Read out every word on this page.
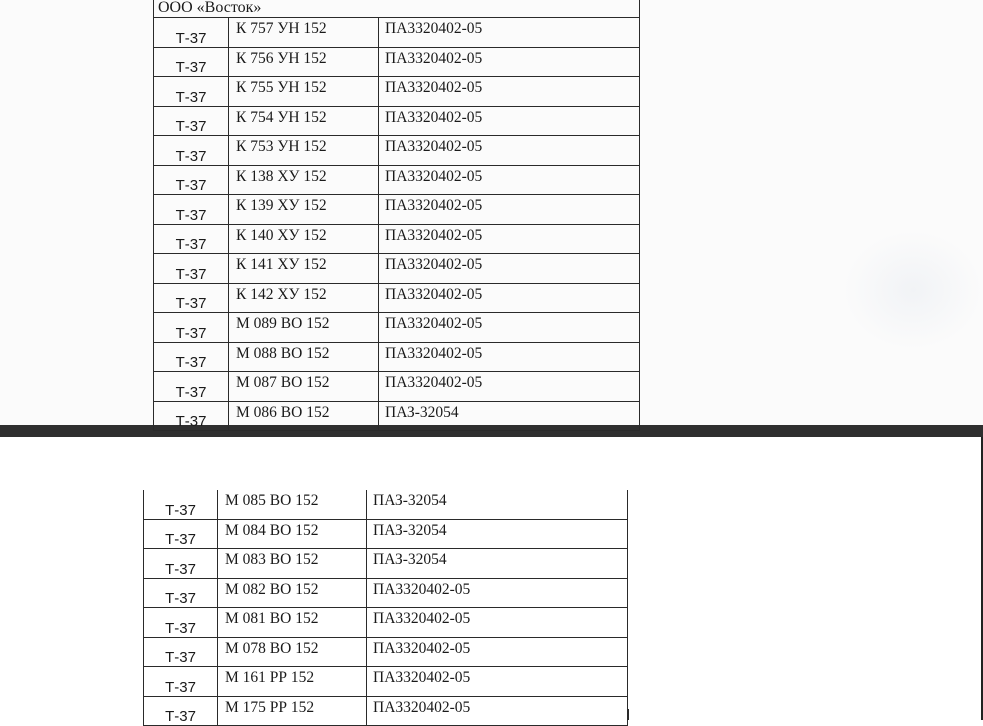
ООО «Восток»		
Т-37	К 757 УН 152	ПА3320402-05
Т-37	К 756 УН 152	ПА3320402-05
Т-37	К 755 УН 152	ПА3320402-05
Т-37	К 754 УН 152	ПА3320402-05
Т-37	К 753 УН 152	ПА3320402-05
Т-37	К 138 ХУ 152	ПА3320402-05
Т-37	К 139 ХУ 152	ПА3320402-05
Т-37	К 140 ХУ 152	ПА3320402-05
Т-37	К 141 ХУ 152	ПА3320402-05
Т-37	К 142 ХУ 152	ПА3320402-05
Т-37	М 089 ВО 152	ПА3320402-05
Т-37	М 088 ВО 152	ПА3320402-05
Т-37	М 087 ВО 152	ПА3320402-05
Т-37	М 086 ВО 152	ПАЗ-32054
Т-37	М 085 ВО 152	ПАЗ-32054
Т-37	М 084 ВО 152	ПАЗ-32054
Т-37	М 083 ВО 152	ПАЗ-32054
Т-37	М 082 ВО 152	ПА3320402-05
Т-37	М 081 ВО 152	ПА3320402-05
Т-37	М 078 ВО 152	ПА3320402-05
Т-37	М 161 РР 152	ПА3320402-05
Т-37	М 175 РР 152	ПА3320402-05
